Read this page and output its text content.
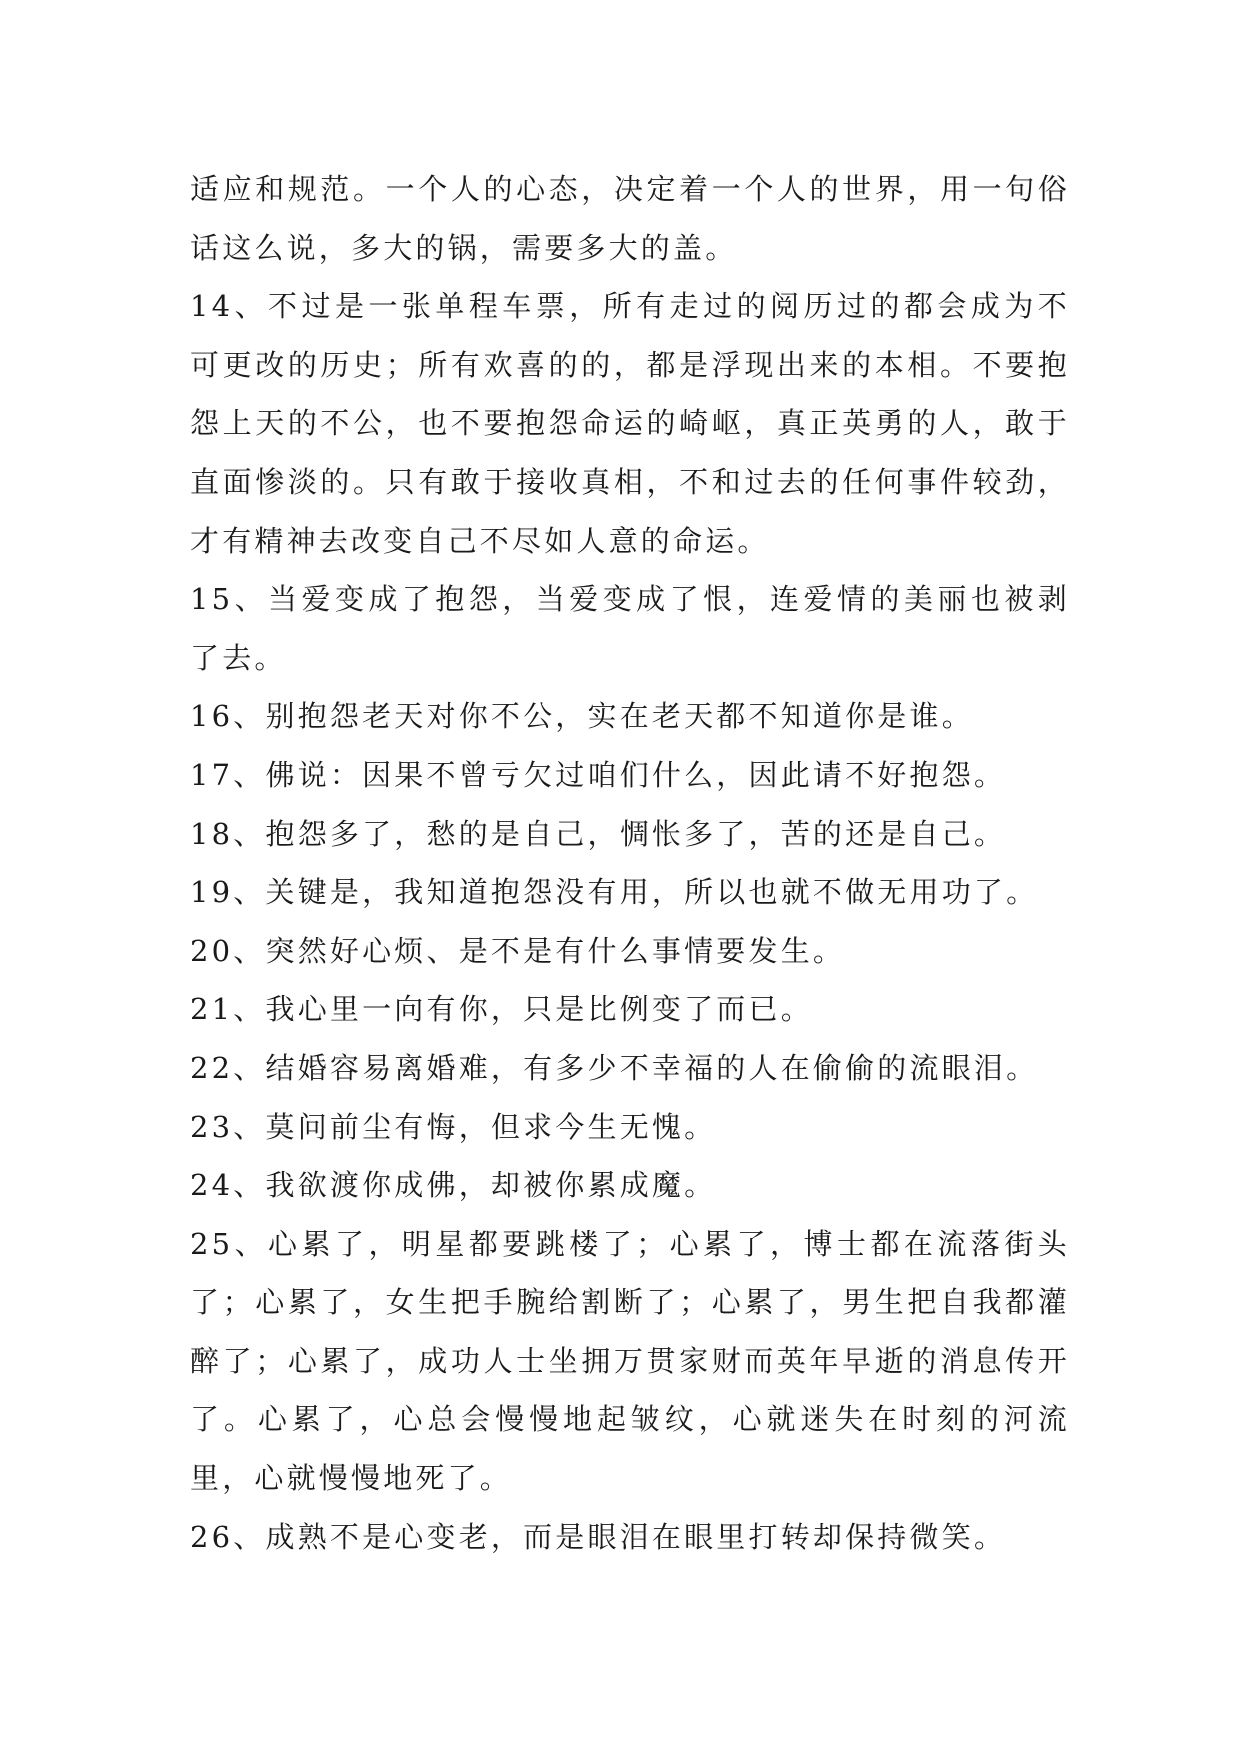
适应和规范。一个人的心态，决定着一个人的世界，用一句俗话这么说，多大的锅，需要多大的盖。

14、不过是一张单程车票，所有走过的阅历过的都会成为不可更改的历史；所有欢喜的的，都是浮现出来的本相。不要抱怨上天的不公，也不要抱怨命运的崎岖，真正英勇的人，敢于直面惨淡的。只有敢于接收真相，不和过去的任何事件较劲，才有精神去改变自己不尽如人意的命运。

15、当爱变成了抱怨，当爱变成了恨，连爱情的美丽也被剥了去。

16、别抱怨老天对你不公，实在老天都不知道你是谁。

17、佛说：因果不曾亏欠过咱们什么，因此请不好抱怨。

18、抱怨多了，愁的是自己，惆怅多了，苦的还是自己。

19、关键是，我知道抱怨没有用，所以也就不做无用功了。

20、突然好心烦、是不是有什么事情要发生。

21、我心里一向有你，只是比例变了而已。

22、结婚容易离婚难，有多少不幸福的人在偷偷的流眼泪。

23、莫问前尘有悔，但求今生无愧。

24、我欲渡你成佛，却被你累成魔。

25、心累了，明星都要跳楼了；心累了，博士都在流落街头了；心累了，女生把手腕给割断了；心累了，男生把自我都灌醉了；心累了，成功人士坐拥万贯家财而英年早逝的消息传开了。心累了，心总会慢慢地起皱纹，心就迷失在时刻的河流里，心就慢慢地死了。

26、成熟不是心变老，而是眼泪在眼里打转却保持微笑。
